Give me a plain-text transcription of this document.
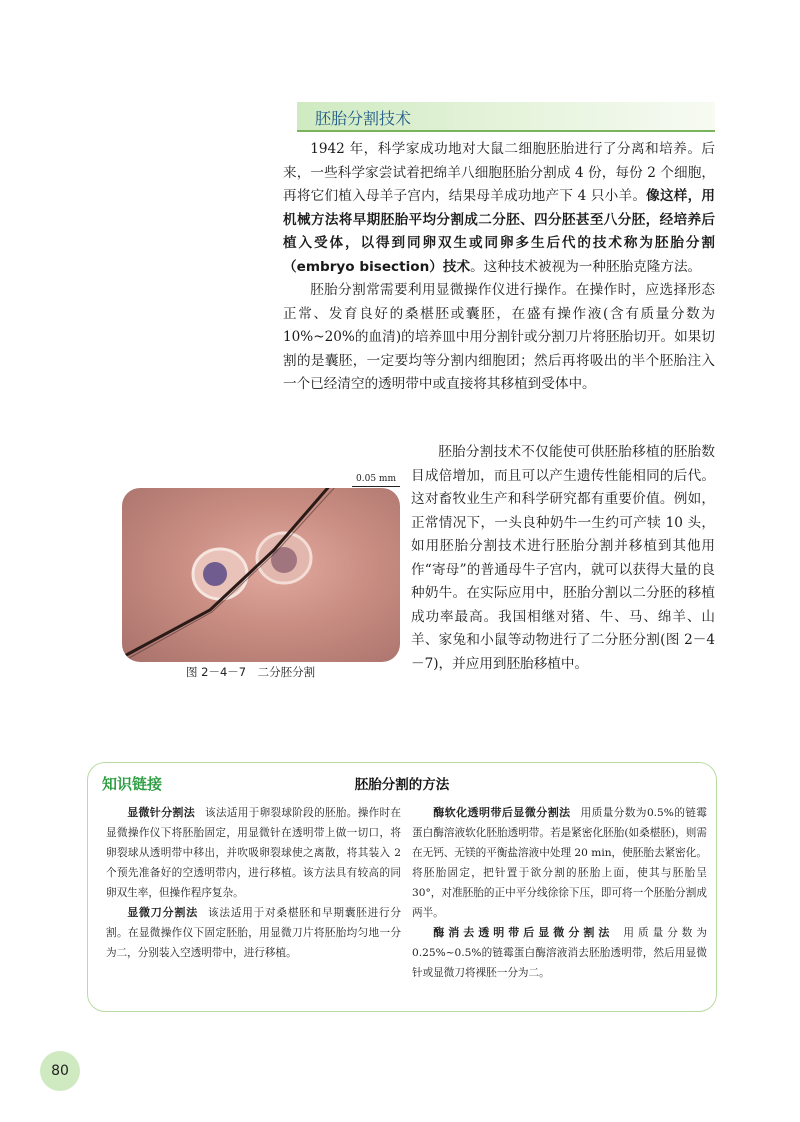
胚胎分割技术

1942 年，科学家成功地对大鼠二细胞胚胎进行了分离和培养。后来，一些科学家尝试着把绵羊八细胞胚胎分割成 4 份，每份 2 个细胞，再将它们植入母羊子宫内，结果母羊成功地产下 4 只小羊。像这样，用机械方法将早期胚胎平均分割成二分胚、四分胚甚至八分胚，经培养后植入受体，以得到同卵双生或同卵多生后代的技术称为胚胎分割（embryo bisection）技术。这种技术被视为一种胚胎克隆方法。

胚胎分割常需要利用显微操作仪进行操作。在操作时，应选择形态正常、发育良好的桑椹胚或囊胚，在盛有操作液(含有质量分数为10%~20%的血清)的培养皿中用分割针或分割刀片将胚胎切开。如果切割的是囊胚，一定要均等分割内细胞团；然后再将吸出的半个胚胎注入一个已经清空的透明带中或直接将其移植到受体中。

0.05 mm
图 2－4－7　二分胚分割

胚胎分割技术不仅能使可供胚胎移植的胚胎数目成倍增加，而且可以产生遗传性能相同的后代。这对畜牧业生产和科学研究都有重要价值。例如，正常情况下，一头良种奶牛一生约可产犊 10 头，如用胚胎分割技术进行胚胎分割并移植到其他用作“寄母”的普通母牛子宫内，就可以获得大量的良种奶牛。在实际应用中，胚胎分割以二分胚的移植成功率最高。我国相继对猪、牛、马、绵羊、山羊、家兔和小鼠等动物进行了二分胚分割(图 2－4－7)，并应用到胚胎移植中。

胚胎分割的方法
知识链接

显微针分割法 该法适用于卵裂球阶段的胚胎。操作时在显微操作仪下将胚胎固定，用显微针在透明带上做一切口，将卵裂球从透明带中移出，并吹吸卵裂球使之离散，将其装入 2 个预先准备好的空透明带内，进行移植。该方法具有较高的同卵双生率，但操作程序复杂。

显微刀分割法 该法适用于对桑椹胚和早期囊胚进行分割。在显微操作仪下固定胚胎，用显微刀片将胚胎均匀地一分为二，分别装入空透明带中，进行移植。

酶软化透明带后显微分割法 用质量分数为0.5%的链霉蛋白酶溶液软化胚胎透明带。若是紧密化胚胎(如桑椹胚)，则需在无钙、无镁的平衡盐溶液中处理 20 min，使胚胎去紧密化。将胚胎固定，把针置于欲分割的胚胎上面，使其与胚胎呈 30°，对准胚胎的正中平分线徐徐下压，即可将一个胚胎分割成两半。

酶消去透明带后显微分割法 用质量分数为0.25%~0.5%的链霉蛋白酶溶液消去胚胎透明带，然后用显微针或显微刀将裸胚一分为二。

80
